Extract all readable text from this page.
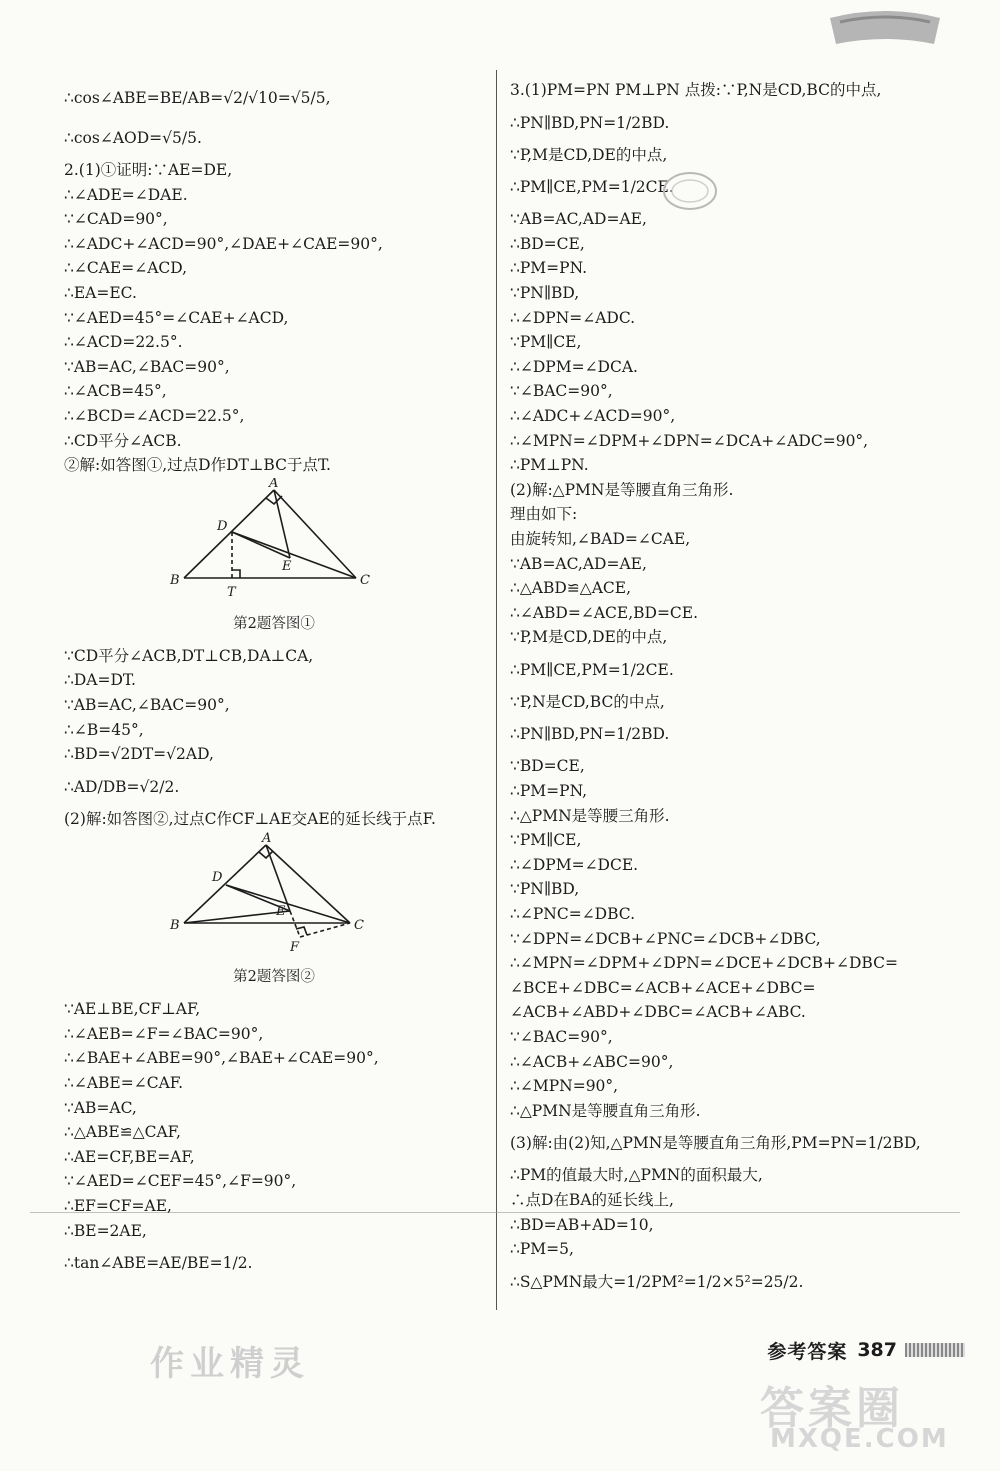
∴cos∠ABE=BE/AB=√2/√10=√5/5,
∴cos∠AOD=√5/5.
2.(1)①证明:∵AE=DE,
∴∠ADE=∠DAE.
∵∠CAD=90°,
∴∠ADC+∠ACD=90°,∠DAE+∠CAE=90°,
∴∠CAE=∠ACD,
∴EA=EC.
∵∠AED=45°=∠CAE+∠ACD,
∴∠ACD=22.5°.
∵AB=AC,∠BAC=90°,
∴∠ACB=45°,
∴∠BCD=∠ACD=22.5°,
∴CD平分∠ACB.
②解:如答图①,过点D作DT⊥BC于点T.
A
D
E
B
T
C
第2题答图①
∵CD平分∠ACB,DT⊥CB,DA⊥CA,
∴DA=DT.
∵AB=AC,∠BAC=90°,
∴∠B=45°,
∴BD=√2DT=√2AD,
∴AD/DB=√2/2.
(2)解:如答图②,过点C作CF⊥AE交AE的延长线于点F.
A
D
E
B
F
C
第2题答图②
∵AE⊥BE,CF⊥AF,
∴∠AEB=∠F=∠BAC=90°,
∴∠BAE+∠ABE=90°,∠BAE+∠CAE=90°,
∴∠ABE=∠CAF.
∵AB=AC,
∴△ABE≌△CAF,
∴AE=CF,BE=AF,
∵∠AED=∠CEF=45°,∠F=90°,
∴EF=CF=AE,
∴BE=2AE,
∴tan∠ABE=AE/BE=1/2.
3.(1)PM=PN PM⊥PN 点拨:∵P,N是CD,BC的中点,
∴PN∥BD,PN=1/2BD.
∵P,M是CD,DE的中点,
∴PM∥CE,PM=1/2CE.
∵AB=AC,AD=AE,
∴BD=CE,
∴PM=PN.
∵PN∥BD,
∴∠DPN=∠ADC.
∵PM∥CE,
∴∠DPM=∠DCA.
∵∠BAC=90°,
∴∠ADC+∠ACD=90°,
∴∠MPN=∠DPM+∠DPN=∠DCA+∠ADC=90°,
∴PM⊥PN.
(2)解:△PMN是等腰直角三角形.
理由如下:
由旋转知,∠BAD=∠CAE,
∵AB=AC,AD=AE,
∴△ABD≌△ACE,
∴∠ABD=∠ACE,BD=CE.
∵P,M是CD,DE的中点,
∴PM∥CE,PM=1/2CE.
∵P,N是CD,BC的中点,
∴PN∥BD,PN=1/2BD.
∵BD=CE,
∴PM=PN,
∴△PMN是等腰三角形.
∵PM∥CE,
∴∠DPM=∠DCE.
∵PN∥BD,
∴∠PNC=∠DBC.
∵∠DPN=∠DCB+∠PNC=∠DCB+∠DBC,
∴∠MPN=∠DPM+∠DPN=∠DCE+∠DCB+∠DBC=
∠BCE+∠DBC=∠ACB+∠ACE+∠DBC=
∠ACB+∠ABD+∠DBC=∠ACB+∠ABC.
∵∠BAC=90°,
∴∠ACB+∠ABC=90°,
∴∠MPN=90°,
∴△PMN是等腰直角三角形.
(3)解:由(2)知,△PMN是等腰直角三角形,PM=PN=1/2BD,
∴PM的值最大时,△PMN的面积最大,
∴点D在BA的延长线上,
∴BD=AB+AD=10,
∴PM=5,
∴S△PMN最大=1/2PM²=1/2×5²=25/2.
作业精灵
答案圈
MXQE.COM
参考答案 387
